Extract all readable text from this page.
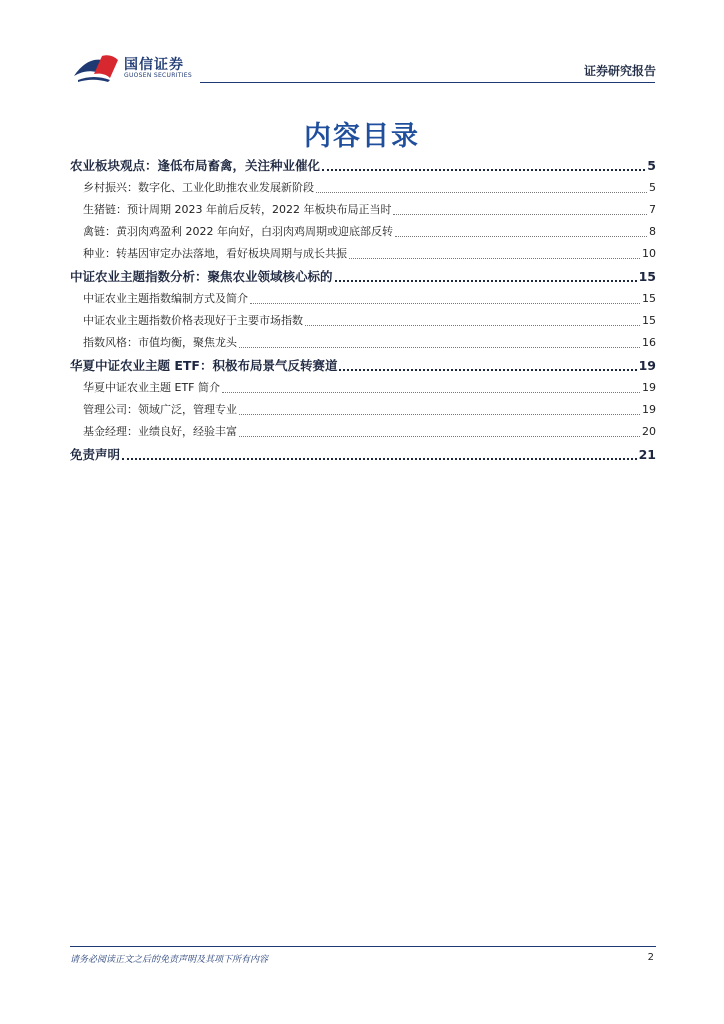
国信证券
GUOSEN SECURITIES	证券研究报告
内容目录
农业板块观点：逢低布局畜禽，关注种业催化	5
乡村振兴：数字化、工业化助推农业发展新阶段	5
生猪链：预计周期 2023 年前后反转，2022 年板块布局正当时	7
禽链：黄羽肉鸡盈利 2022 年向好，白羽肉鸡周期或迎底部反转	8
种业：转基因审定办法落地，看好板块周期与成长共振	10
中证农业主题指数分析：聚焦农业领域核心标的	15
中证农业主题指数编制方式及简介	15
中证农业主题指数价格表现好于主要市场指数	15
指数风格：市值均衡，聚焦龙头	16
华夏中证农业主题 ETF：积极布局景气反转赛道	19
华夏中证农业主题 ETF 简介	19
管理公司：领域广泛，管理专业	19
基金经理：业绩良好，经验丰富	20
免责声明	21
请务必阅读正文之后的免责声明及其项下所有内容	2
